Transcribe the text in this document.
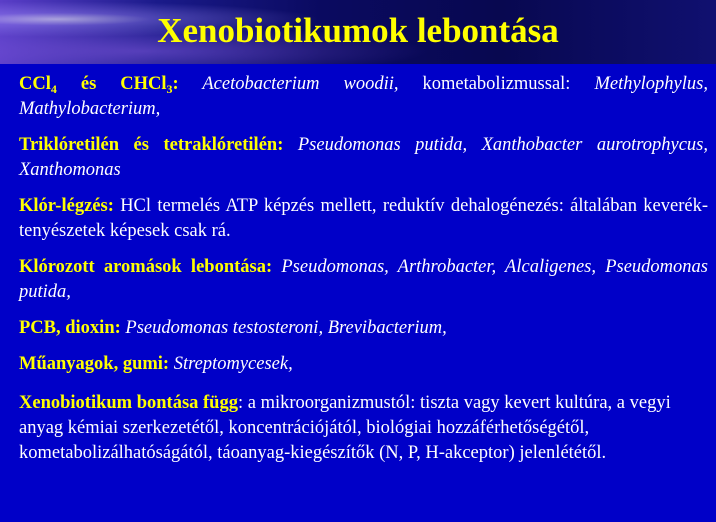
Xenobiotikumok lebontása

CCl$_4$ és CHCl$_3$: Acetobacterium woodii, kometabolizmussal: Methylophylus, Mathylobacterium,

Triklóretilén és tetraklóretilén: Pseudomonas putida, Xanthobacter aurotrophycus, Xanthomonas

Klór-légzés: HCl termelés ATP képzés mellett, reduktív dehalogénezés: általában keverék-tenyészetek képesek csak rá.

Klórozott aromások lebontása: Pseudomonas, Arthrobacter, Alcaligenes, Pseudomonas putida,

PCB, dioxin: Pseudomonas testosteroni, Brevibacterium,

Műanyagok, gumi: Streptomycesek,

Xenobiotikum bontása függ: a mikroorganizmustól: tiszta vagy kevert kultúra, a vegyi anyag kémiai szerkezetétől, koncentrációjától, biológiai hozzáférhetőségétől, kometabolizálhatóságától, táoanyag-kiegészítők (N, P, H-akceptor) jelenlététől.
